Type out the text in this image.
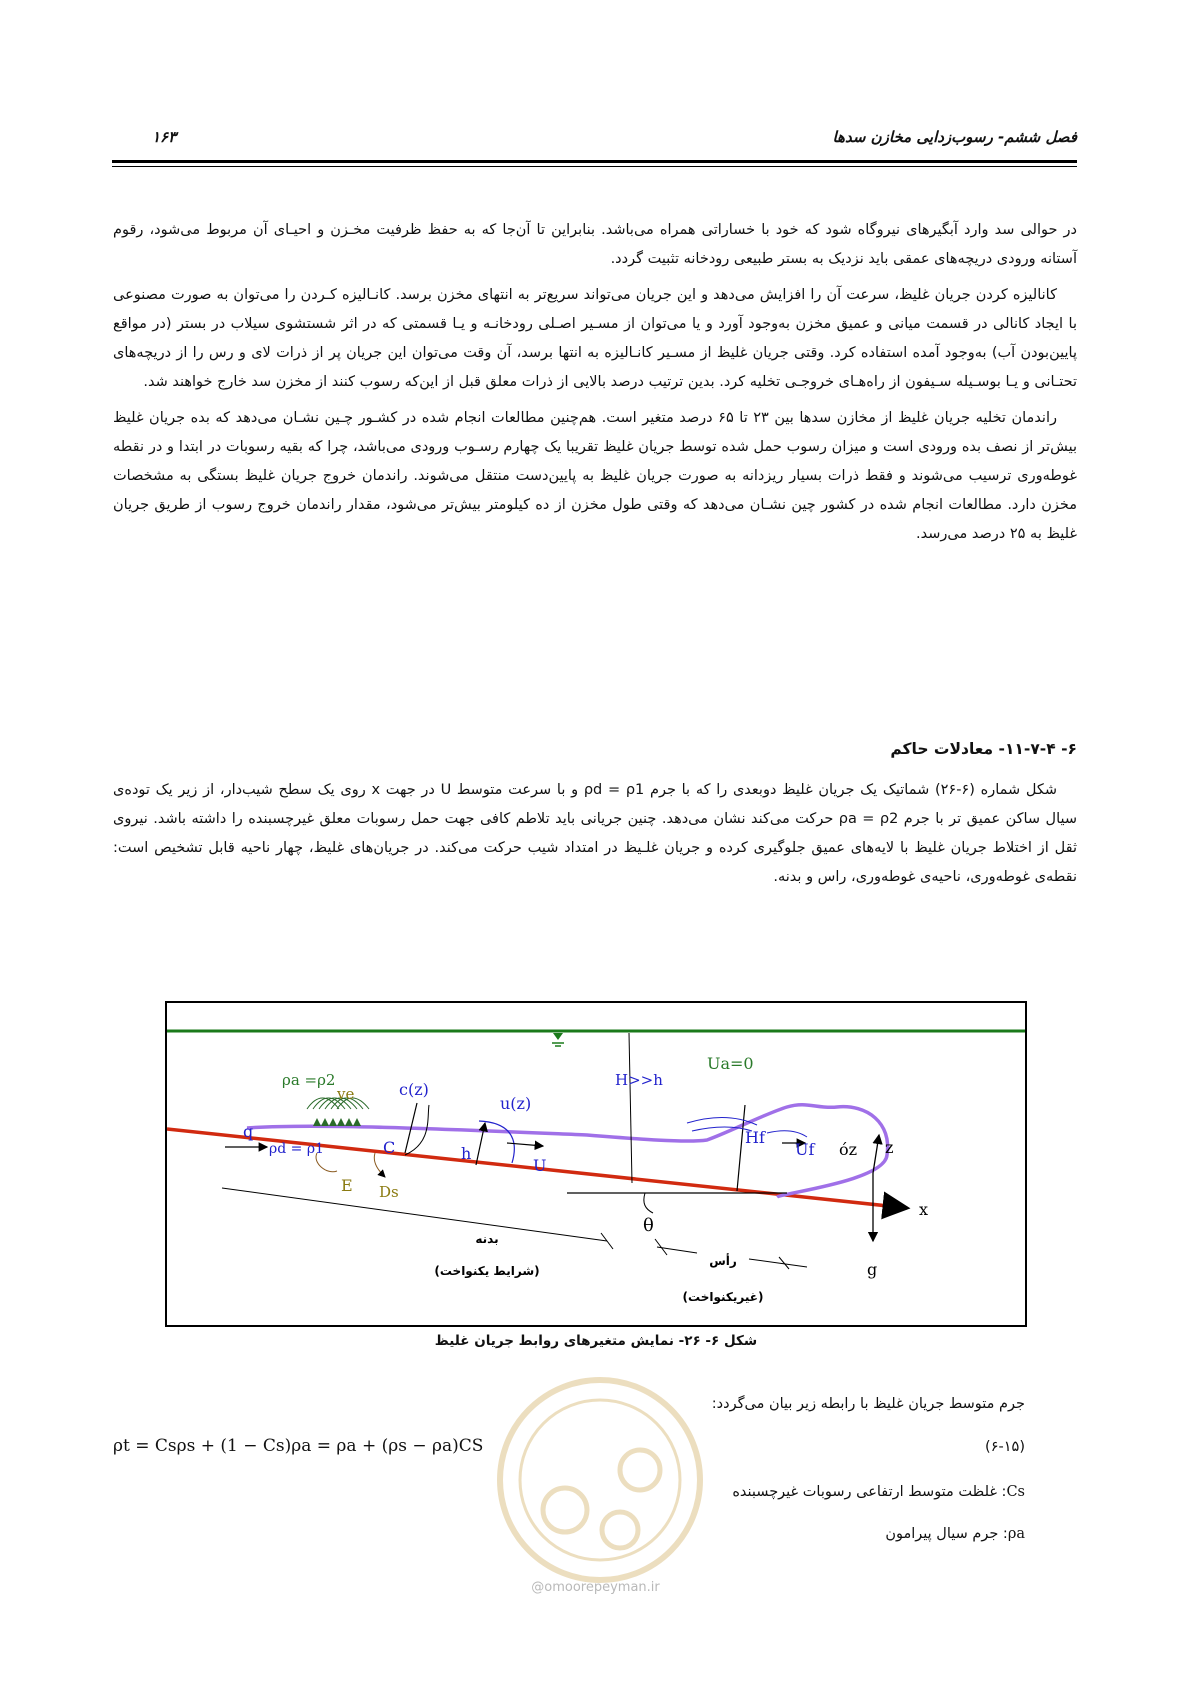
فصل ششم- رسوب‌زدایی مخازن سدها
۱۶۳

در حوالی سد وارد آبگیرهای نیروگاه شود که خود با خساراتی همراه می‌باشد. بنابراین تا آن‌جا که به حفظ ظرفیت مخـزن و احیـای آن مربوط می‌شود، رقوم آستانه ورودی دریچه‌های عمقی باید نزدیک به بستر طبیعی رودخانه تثبیت گردد.

کانالیزه کردن جریان غلیظ، سرعت آن را افزایش می‌دهد و این جریان می‌تواند سریع‌تر به انتهای مخزن برسد. کانـالیزه کـردن را می‌توان به صورت مصنوعی با ایجاد کانالی در قسمت میانی و عمیق مخزن به‌وجود آورد و یا می‌توان از مسـیر اصـلی رودخانـه و یـا قسمتی که در اثر شستشوی سیلاب در بستر (در مواقع پایین‌بودن آب) به‌وجود آمده استفاده کرد. وقتی جریان غلیظ از مسـیر کانـالیزه به انتها برسد، آن وقت می‌توان این جریان پر از ذرات لای و رس را از دریچه‌های تحتـانی و یـا بوسـیله سـیفون از راه‌هـای خروجـی تخلیه کرد. بدین ترتیب درصد بالایی از ذرات معلق قبل از این‌که رسوب کنند از مخزن سد خارج خواهند شد.

راندمان تخلیه جریان غلیظ از مخازن سدها بین ۲۳ تا ۶۵ درصد متغیر است. هم‌چنین مطالعات انجام شده در کشـور چـین نشـان می‌دهد که بده جریان غلیظ بیش‌تر از نصف بده ورودی است و میزان رسوب حمل شده توسط جریان غلیظ تقریبا یک چهارم رسـوب ورودی می‌باشد، چرا که بقیه رسوبات در ابتدا و در نقطه غوطه‌وری ترسیب می‌شوند و فقط ذرات بسیار ریزدانه به صورت جریان غلیظ به پایین‌دست منتقل می‌شوند. راندمان خروج جریان غلیظ بستگی به مشخصات مخزن دارد. مطالعات انجام شده در کشور چین نشـان می‌دهد که وقتی طول مخزن از ده کیلومتر بیش‌تر می‌شود، مقدار راندمان خروج رسوب از طریق جریان غلیظ به ۲۵ درصد می‌رسد.

۶- ۱۱-۷-۴- معادلات حاکم

شکل شماره (۶-۲۶) شماتیک یک جریان غلیظ دوبعدی را که با جرم ρd = ρ1 و با سرعت متوسط U در جهت x روی یک سطح شیب‌دار، از زیر یک توده‌ی سیال ساکن عمیق تر با جرم ρa = ρ2 حرکت می‌کند نشان می‌دهد. چنین جریانی باید تلاطم کافی جهت حمل رسوبات معلق غیرچسبنده را داشته باشد. نیروی ثقل از اختلاط جریان غلیظ با لایه‌های عمیق جلوگیری کرده و جریان غلـیظ در امتداد شیب حرکت می‌کند. در جریان‌های غلیظ، چهار ناحیه قابل تشخیص است: نقطه‌ی غوطه‌وری، ناحیه‌ی غوطه‌وری، راس و بدنه.

ρa =ρ2
ve	c(z)
u(z)
H>>h
Ua=0
q
ρd = ρ1	C	h
U
Hf
Uf óz z
E Ds
θ
x
g
بدنه
(شرایط یکنواخت)
رأس
(غیریکنواخت)
شکل ۶- ۲۶- نمایش متغیرهای روابط جریان غلیظ
جرم متوسط جریان غلیظ با رابطه زیر بیان می‌گردد:
ρt = Csρs + (1 − Cs)ρa = ρa + (ρs − ρa)CS	(۶-۱۵)
Cs: غلظت متوسط ارتفاعی رسوبات غیرچسبنده
ρa: جرم سیال پیرامون
@omoorepeyman.ir
